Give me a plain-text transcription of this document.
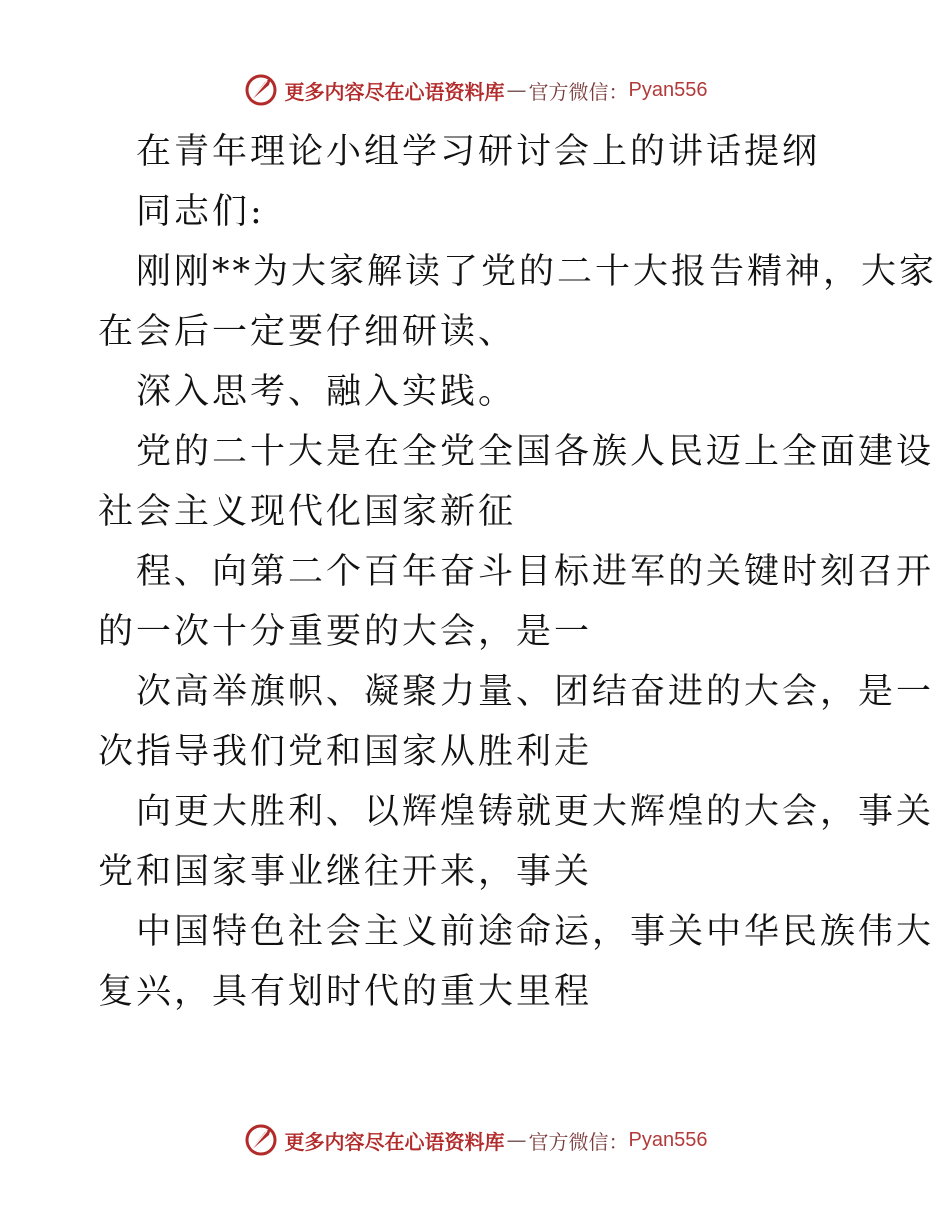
更多内容尽在心语资料库 — 官方微信： Pyan556
在青年理论小组学习研讨会上的讲话提纲
同志们:
刚刚**为大家解读了党的二十大报告精神，大家
在会后一定要仔细研读、
深入思考、融入实践。
党的二十大是在全党全国各族人民迈上全面建设
社会主义现代化国家新征
程、向第二个百年奋斗目标进军的关键时刻召开
的一次十分重要的大会，是一
次高举旗帜、凝聚力量、团结奋进的大会，是一
次指导我们党和国家从胜利走
向更大胜利、以辉煌铸就更大辉煌的大会，事关
党和国家事业继往开来，事关
中国特色社会主义前途命运，事关中华民族伟大
复兴，具有划时代的重大里程
更多内容尽在心语资料库 — 官方微信： Pyan556
